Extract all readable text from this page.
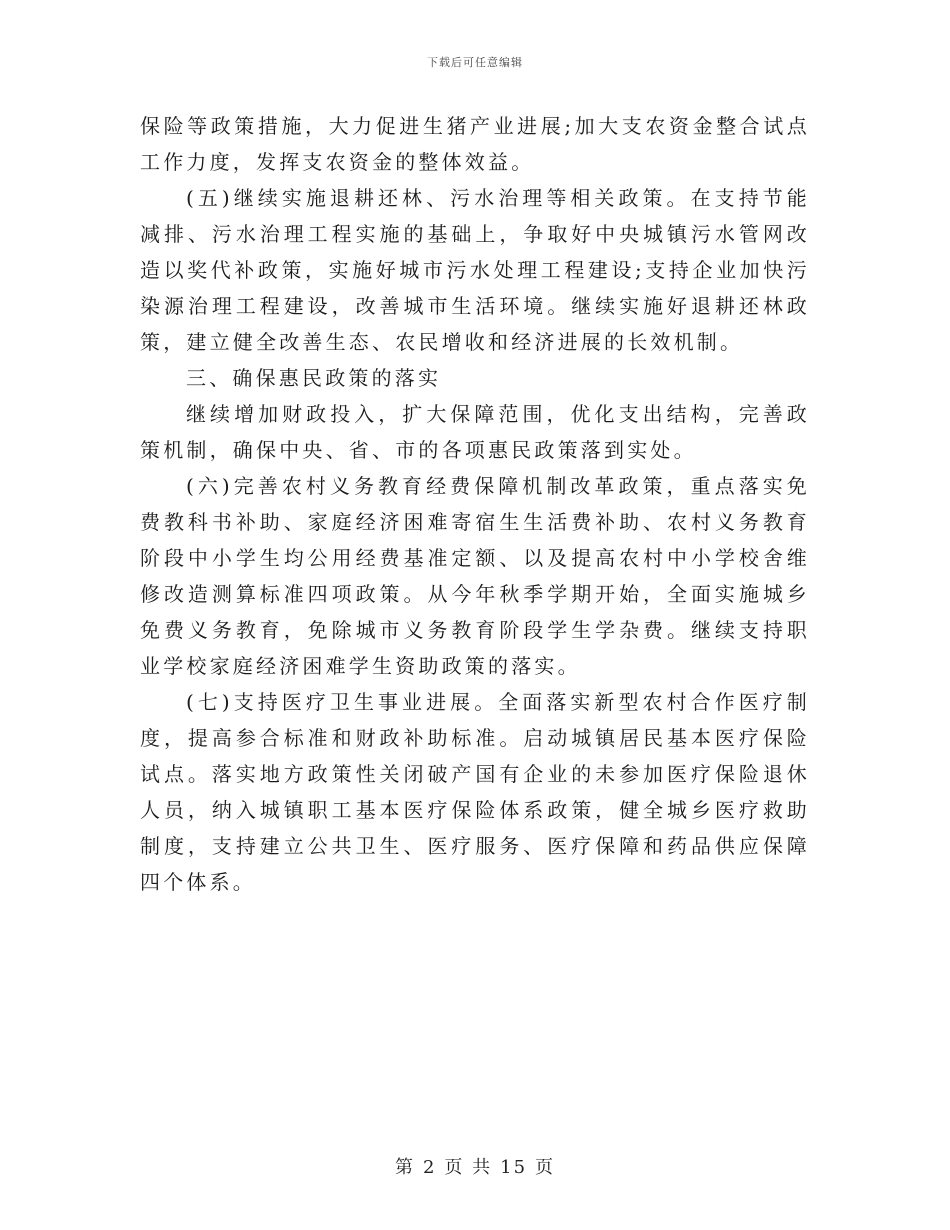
下载后可任意编辑

保险等政策措施，大力促进生猪产业进展;加大支农资金整合试点工作力度，发挥支农资金的整体效益。

(五)继续实施退耕还林、污水治理等相关政策。在支持节能减排、污水治理工程实施的基础上，争取好中央城镇污水管网改造以奖代补政策，实施好城市污水处理工程建设;支持企业加快污染源治理工程建设，改善城市生活环境。继续实施好退耕还林政策，建立健全改善生态、农民增收和经济进展的长效机制。

三、确保惠民政策的落实

继续增加财政投入，扩大保障范围，优化支出结构，完善政策机制，确保中央、省、市的各项惠民政策落到实处。

(六)完善农村义务教育经费保障机制改革政策，重点落实免费教科书补助、家庭经济困难寄宿生生活费补助、农村义务教育阶段中小学生均公用经费基准定额、以及提高农村中小学校舍维修改造测算标准四项政策。从今年秋季学期开始，全面实施城乡免费义务教育，免除城市义务教育阶段学生学杂费。继续支持职业学校家庭经济困难学生资助政策的落实。

(七)支持医疗卫生事业进展。全面落实新型农村合作医疗制度，提高参合标准和财政补助标准。启动城镇居民基本医疗保险试点。落实地方政策性关闭破产国有企业的未参加医疗保险退休人员，纳入城镇职工基本医疗保险体系政策，健全城乡医疗救助制度，支持建立公共卫生、医疗服务、医疗保障和药品供应保障四个体系。

第 2 页 共 15 页
